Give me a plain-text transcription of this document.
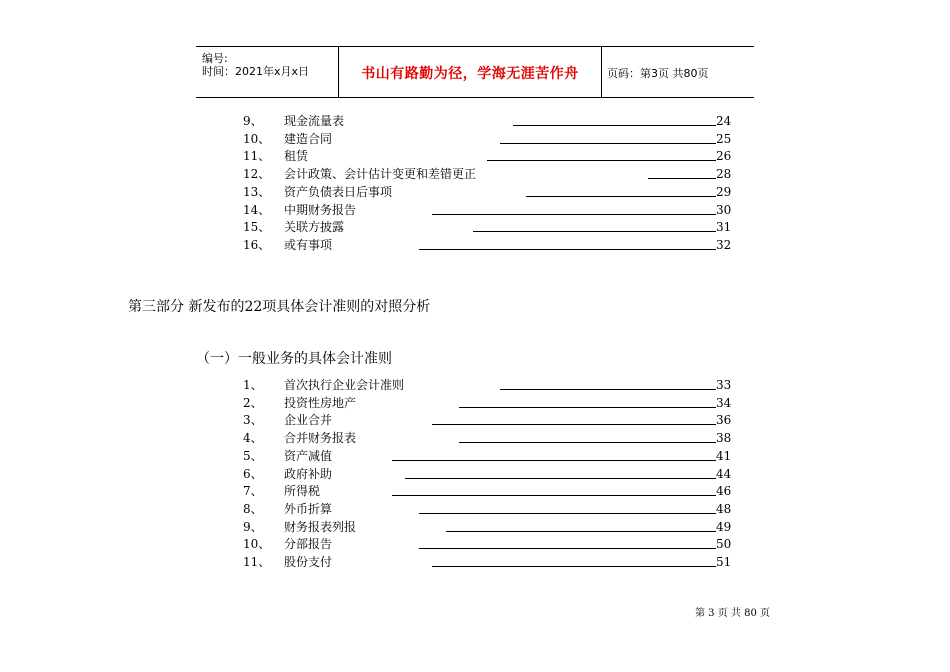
编号:
时间：2021年x月x日	书山有路勤为径，学海无涯苦作舟	页码：第3页 共80页
9、 现金流量表	24
10、 建造合同	25
11、 租赁	26
12、 会计政策、会计估计变更和差错更正	28
13、 资产负债表日后事项	29
14、 中期财务报告	30
15、 关联方披露	31
16、 或有事项	32
第三部分 新发布的22项具体会计准则的对照分析
（一）一般业务的具体会计准则
1、 首次执行企业会计准则	33
2、 投资性房地产	34
3、 企业合并	36
4、 合并财务报表	38
5、 资产减值	41
6、 政府补助	44
7、 所得税	46
8、 外币折算	48
9、 财务报表列报	49
10、 分部报告	50
11、 股份支付	51
第 3 页 共 80 页
